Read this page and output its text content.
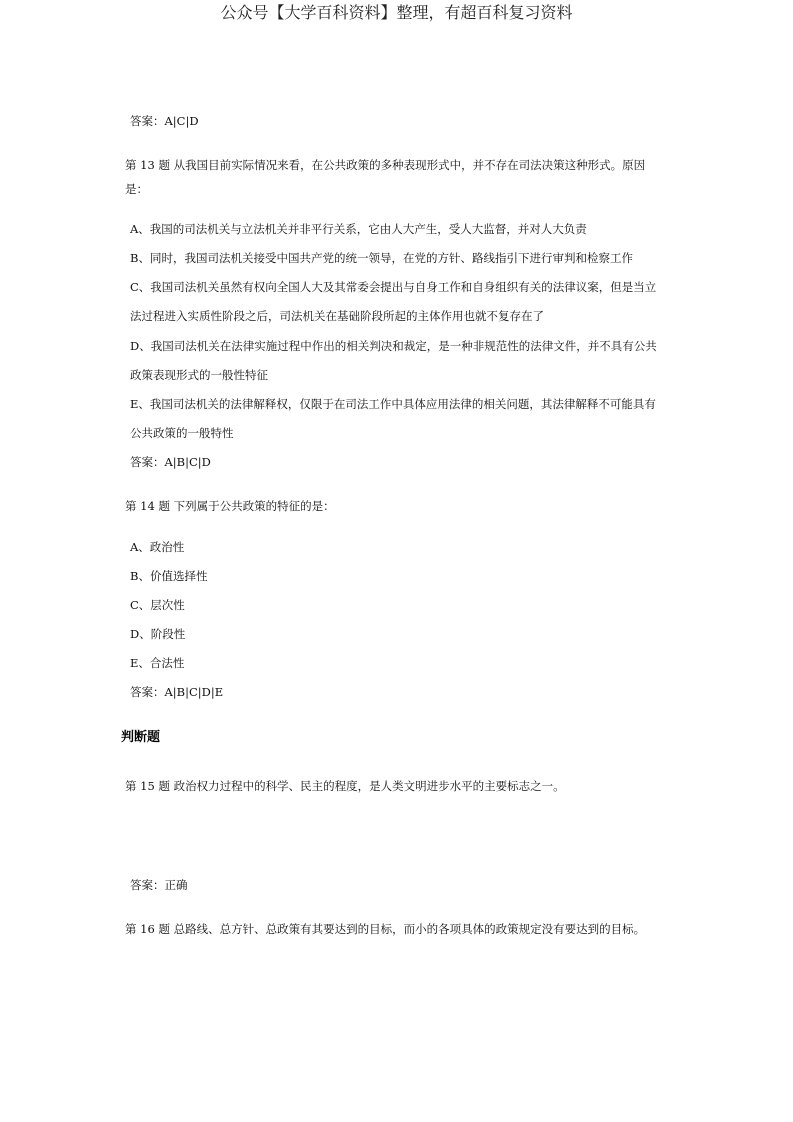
公众号【大学百科资料】整理，有超百科复习资料
答案：A|C|D
第 13 题 从我国目前实际情况来看，在公共政策的多种表现形式中，并不存在司法决策这种形式。原因
是：
A、我国的司法机关与立法机关并非平行关系，它由人大产生，受人大监督，并对人大负责
B、同时，我国司法机关接受中国共产党的统一领导，在党的方针、路线指引下进行审判和检察工作
C、我国司法机关虽然有权向全国人大及其常委会提出与自身工作和自身组织有关的法律议案，但是当立
法过程进入实质性阶段之后，司法机关在基础阶段所起的主体作用也就不复存在了
D、我国司法机关在法律实施过程中作出的相关判决和裁定，是一种非规范性的法律文件，并不具有公共
政策表现形式的一般性特征
E、我国司法机关的法律解释权，仅限于在司法工作中具体应用法律的相关问题，其法律解释不可能具有
公共政策的一般特性
答案：A|B|C|D
第 14 题 下列属于公共政策的特征的是：
A、政治性
B、价值选择性
C、层次性
D、阶段性
E、合法性
答案：A|B|C|D|E
判断题
第 15 题 政治权力过程中的科学、民主的程度，是人类文明进步水平的主要标志之一。
答案：正确
第 16 题 总路线、总方针、总政策有其要达到的目标，而小的各项具体的政策规定没有要达到的目标。
